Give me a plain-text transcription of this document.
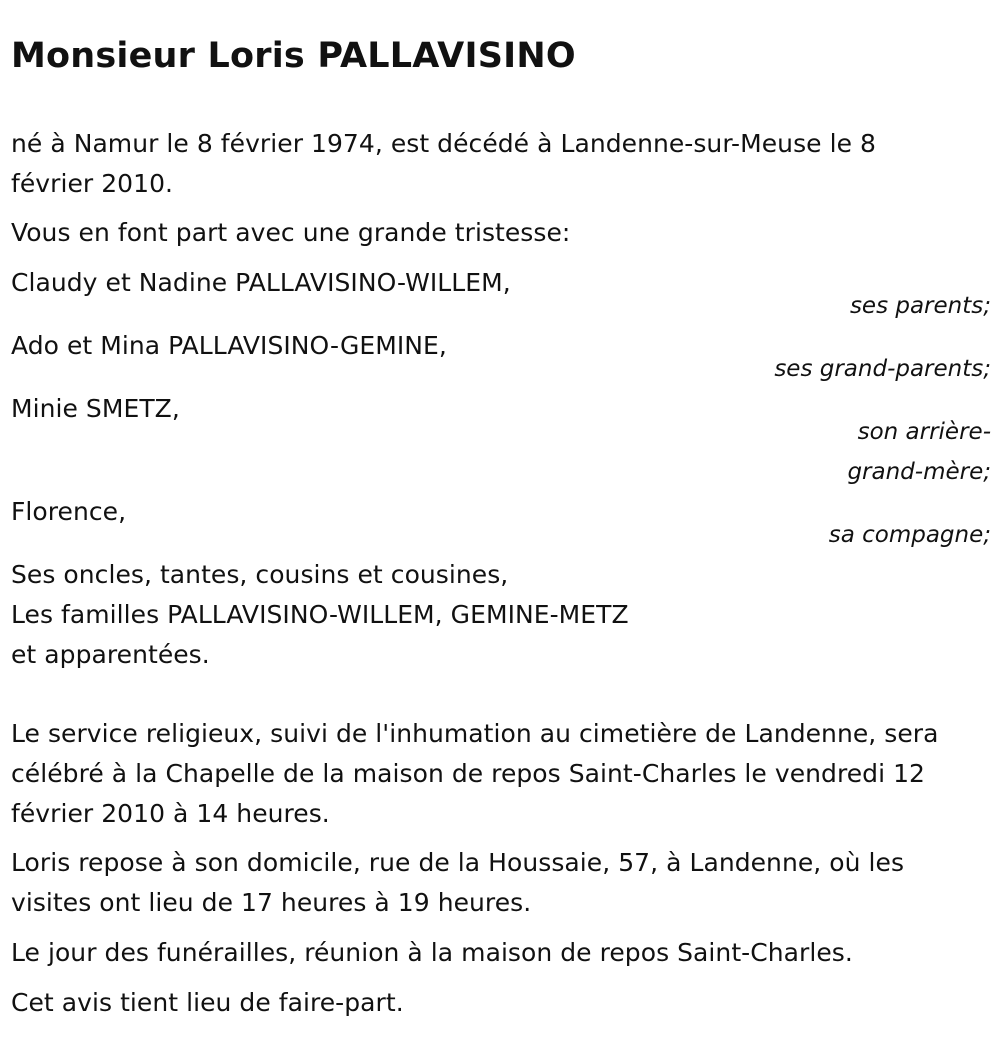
Monsieur Loris PALLAVISINO

né à Namur le 8 février 1974, est décédé à Landenne-sur-Meuse le 8

février 2010.

Vous en font part avec une grande tristesse:

Claudy et Nadine PALLAVISINO-WILLEM,

ses parents;

Ado et Mina PALLAVISINO-GEMINE,

ses grand-parents;

Minie SMETZ,

son arrière-

grand-mère;

Florence,

sa compagne;

Ses oncles, tantes, cousins et cousines,

Les familles PALLAVISINO-WILLEM, GEMINE-METZ

et apparentées.

Le service religieux, suivi de l'inhumation au cimetière de Landenne, sera

célébré à la Chapelle de la maison de repos Saint-Charles le vendredi 12

février 2010 à 14 heures.

Loris repose à son domicile, rue de la Houssaie, 57, à Landenne, où les

visites ont lieu de 17 heures à 19 heures.

Le jour des funérailles, réunion à la maison de repos Saint-Charles.

Cet avis tient lieu de faire-part.
